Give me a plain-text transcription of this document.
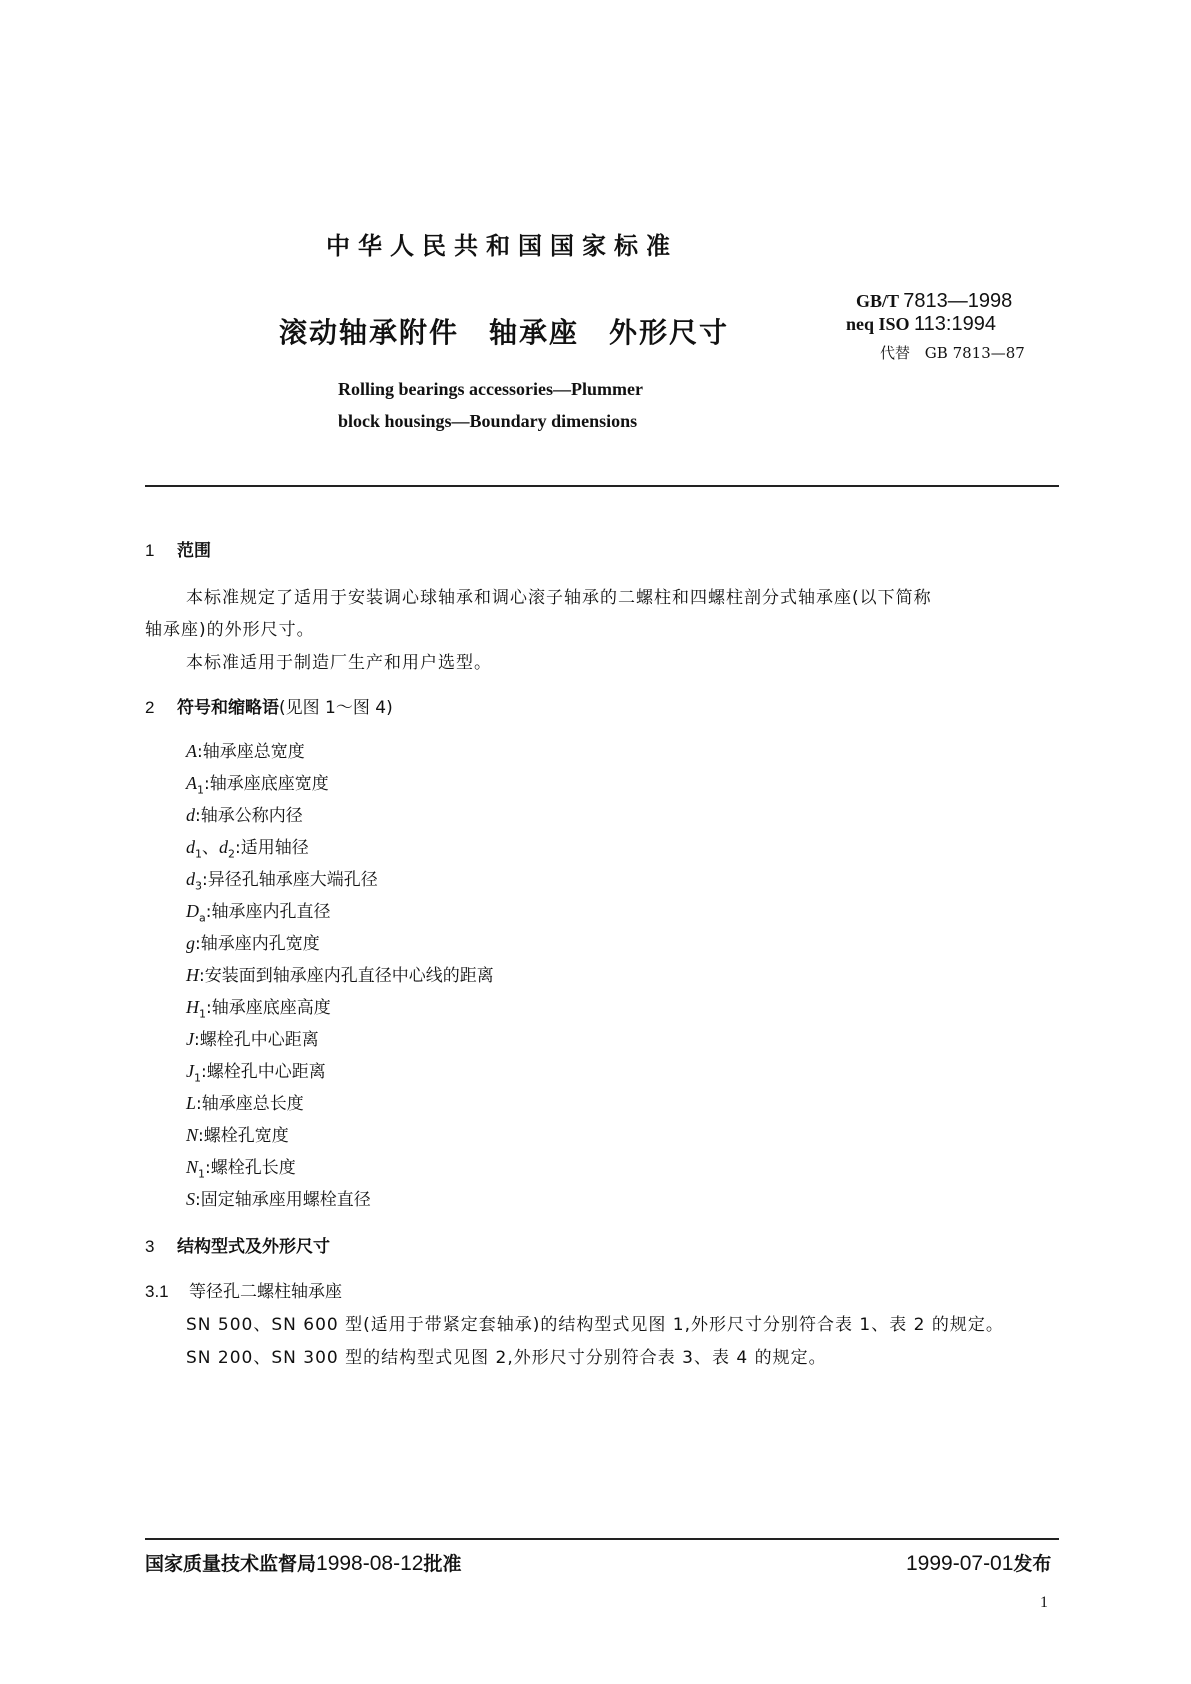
中华人民共和国国家标准
滚动轴承附件　轴承座　外形尺寸
Rolling bearings accessories—Plummer
block housings—Boundary dimensions
GB/T 7813—1998
neq ISO 113:1994
代替 GB 7813—87
1 范围
本标准规定了适用于安装调心球轴承和调心滚子轴承的二螺柱和四螺柱剖分式轴承座(以下简称
轴承座)的外形尺寸。
本标准适用于制造厂生产和用户选型。
2 符号和缩略语(见图 1～图 4)
A:轴承座总宽度
$A_1$:轴承座底座宽度
d:轴承公称内径
$d_1$、$d_2$:适用轴径
$d_3$:异径孔轴承座大端孔径
$D_a$:轴承座内孔直径
g:轴承座内孔宽度
H:安装面到轴承座内孔直径中心线的距离
$H_1$:轴承座底座高度
J:螺栓孔中心距离
$J_1$:螺栓孔中心距离
L:轴承座总长度
N:螺栓孔宽度
$N_1$:螺栓孔长度
S:固定轴承座用螺栓直径
3 结构型式及外形尺寸
3.1 等径孔二螺柱轴承座
SN 500、SN 600 型(适用于带紧定套轴承)的结构型式见图 1,外形尺寸分别符合表 1、表 2 的规定。
SN 200、SN 300 型的结构型式见图 2,外形尺寸分别符合表 3、表 4 的规定。
国家质量技术监督局1998-08-12批准	1999-07-01发布
1
